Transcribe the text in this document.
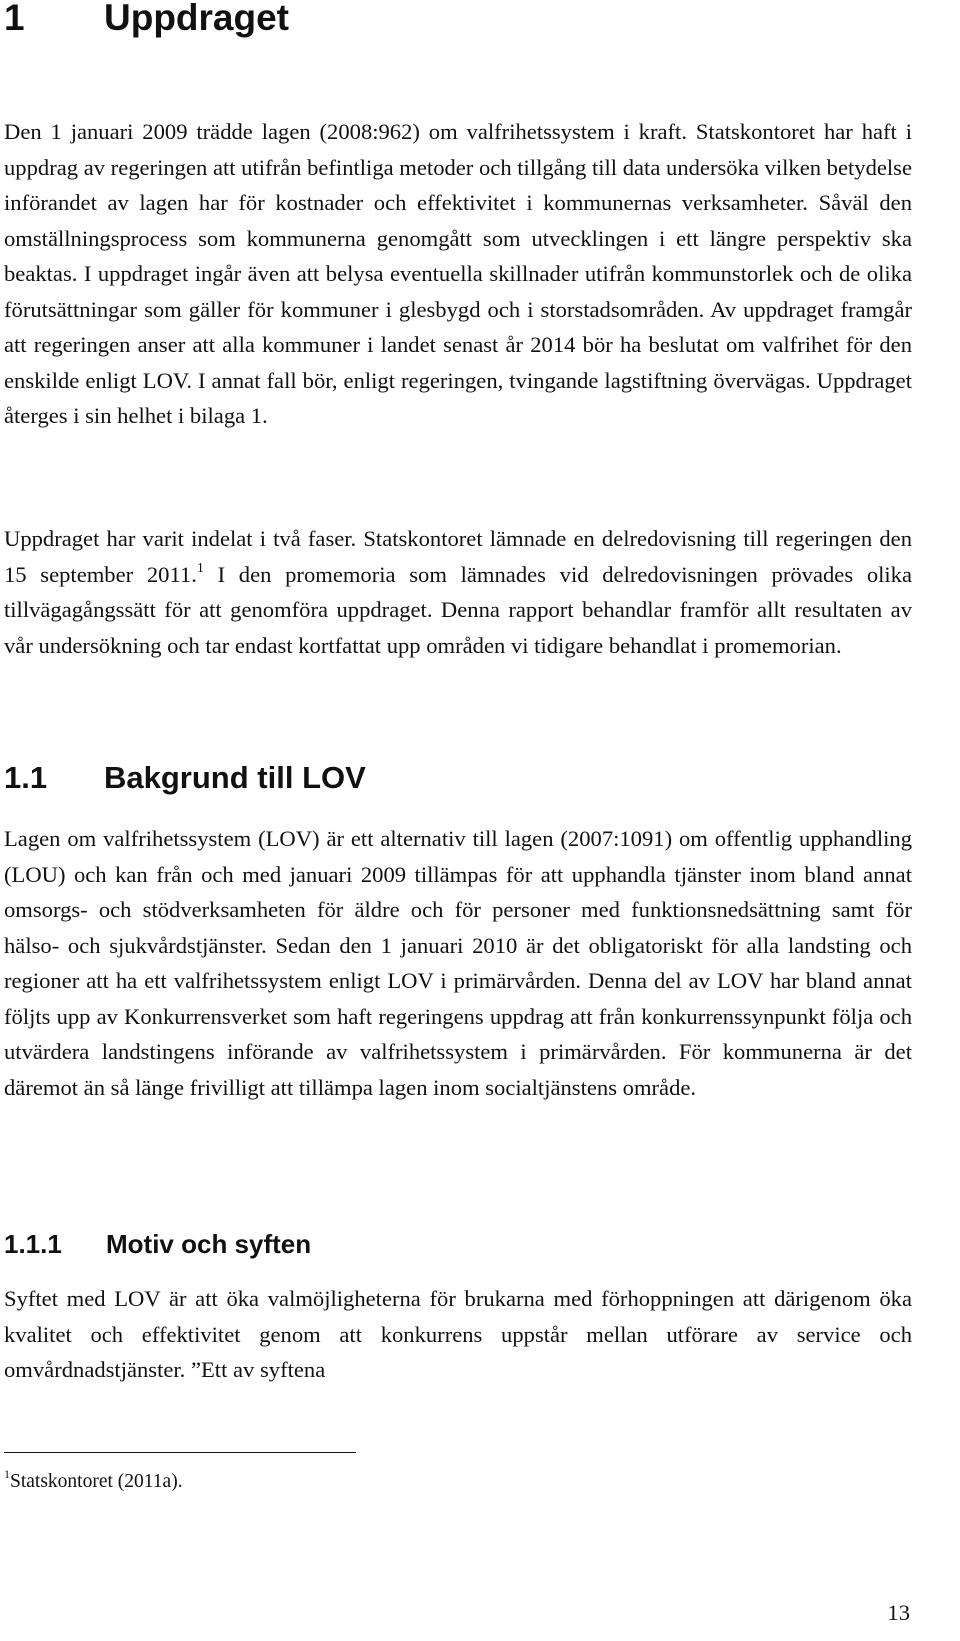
1 Uppdraget

Den 1 januari 2009 trädde lagen (2008:962) om valfrihetssystem i kraft. Statskontoret har haft i uppdrag av regeringen att utifrån befintliga metoder och tillgång till data undersöka vilken betydelse införandet av lagen har för kostnader och effektivitet i kommunernas verksamheter. Såväl den omställningsprocess som kommunerna genomgått som utvecklingen i ett längre perspektiv ska beaktas. I uppdraget ingår även att belysa eventuella skillnader utifrån kommunstorlek och de olika förutsättningar som gäller för kommuner i glesbygd och i storstadsområden. Av uppdraget framgår att regeringen anser att alla kommuner i landet senast år 2014 bör ha beslutat om valfrihet för den enskilde enligt LOV. I annat fall bör, enligt regeringen, tvingande lagstiftning övervägas. Uppdraget återges i sin helhet i bilaga 1.

Uppdraget har varit indelat i två faser. Statskontoret lämnade en delredovisning till regeringen den 15 september 2011.$^1$ I den promemoria som lämnades vid delredovisningen prövades olika tillvägagångssätt för att genomföra uppdraget. Denna rapport behandlar framför allt resultaten av vår undersökning och tar endast kortfattat upp områden vi tidigare behandlat i promemorian.

1.1 Bakgrund till LOV

Lagen om valfrihetssystem (LOV) är ett alternativ till lagen (2007:1091) om offentlig upphandling (LOU) och kan från och med januari 2009 tillämpas för att upphandla tjänster inom bland annat omsorgs- och stödverksamheten för äldre och för personer med funktionsnedsättning samt för hälso- och sjukvårdstjänster. Sedan den 1 januari 2010 är det obligatoriskt för alla landsting och regioner att ha ett valfrihetssystem enligt LOV i primärvården. Denna del av LOV har bland annat följts upp av Konkurrensverket som haft regeringens uppdrag att från konkurrenssynpunkt följa och utvärdera landstingens införande av valfrihetssystem i primärvården. För kommunerna är det däremot än så länge frivilligt att tillämpa lagen inom socialtjänstens område.

1.1.1 Motiv och syften

Syftet med LOV är att öka valmöjligheterna för brukarna med förhoppningen att därigenom öka kvalitet och effektivitet genom att konkurrens uppstår mellan utförare av service och omvårdnadstjänster. ”Ett av syftena

$^1$Statskontoret (2011a).

13
